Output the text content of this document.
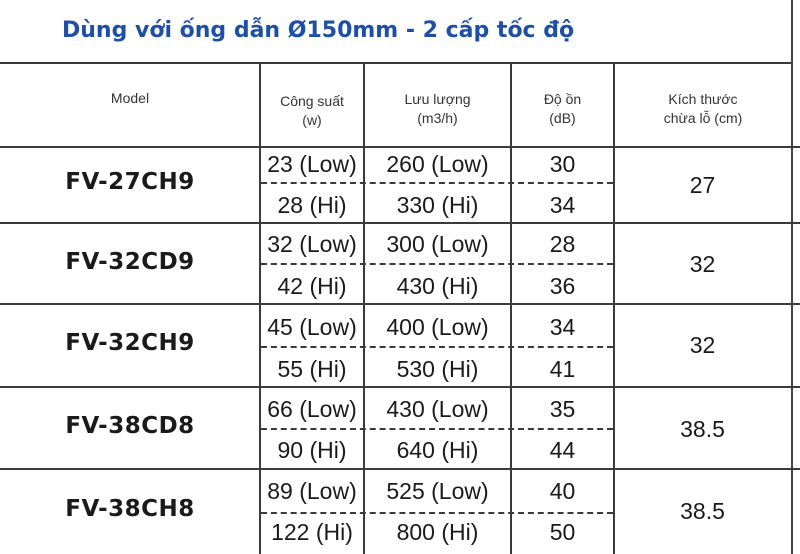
Dùng với ống dẫn Ø150mm - 2 cấp tốc độ
Model	Công suất
(w)
Lưu lượng
(m3/h)
Độ ồn
(dB)
Kích thước
chừa lỗ (cm)
FV-27CH9
23 (Low)
28 (Hi)
260 (Low)
330 (Hi)
30
34
27
FV-32CD9
32 (Low)
42 (Hi)
300 (Low)
430 (Hi)
28
36
32
FV-32CH9
45 (Low)
55 (Hi)
400 (Low)
530 (Hi)
34
41
32
FV-38CD8
66 (Low)
90 (Hi)
430 (Low)
640 (Hi)
35
44
38.5
FV-38CH8
89 (Low)
122 (Hi)
525 (Low)
800 (Hi)
40
50
38.5
